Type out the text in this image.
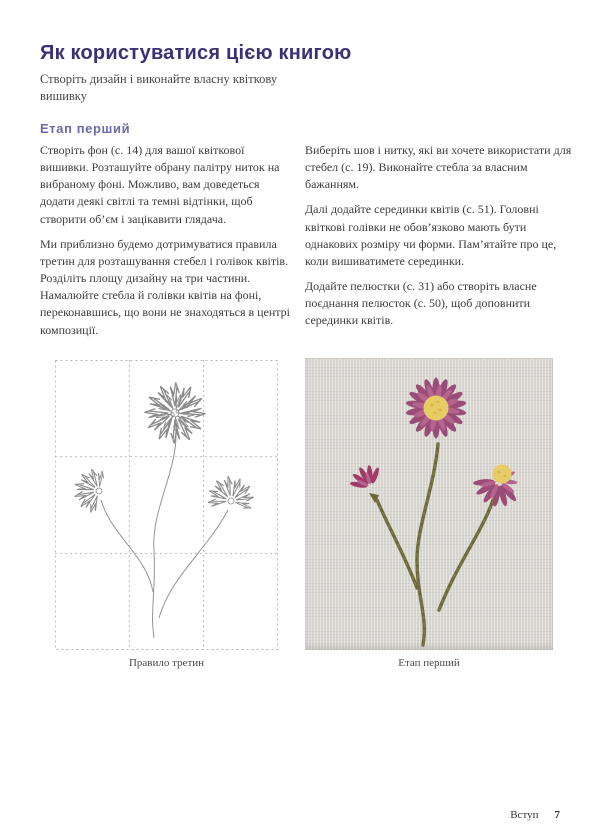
Як користуватися цією книгою

Створіть дизайн і виконайте власну квіткову вишивку

Етап перший

Створіть фон (с. 14) для вашої квіткової вишивки. Розташуйте обрану палітру ниток на вибраному фоні. Можливо, вам доведеться додати деякі світлі та темні відтінки, щоб створити об’єм і зацікавити глядача.

Ми приблизно будемо дотримуватися правила третин для розташування стебел і голівок квітів. Розділіть площу дизайну на три частини. Намалюйте стебла й голівки квітів на фоні, переконавшись, що вони не знаходяться в центрі композиції.

Виберіть шов і нитку, які ви хочете використати для стебел (с. 19). Виконайте стебла за власним бажанням.

Далі додайте серединки квітів (с. 51). Головні квіткові голівки не обов’язково мають бути однакових розміру чи форми. Пам’ятайте про це, коли вишиватимете серединки.

Додайте пелюстки (с. 31) або створіть власне поєднання пелюсток (с. 50), щоб доповнити серединки квітів.

Правило третин	Етап перший

Вступ 7
